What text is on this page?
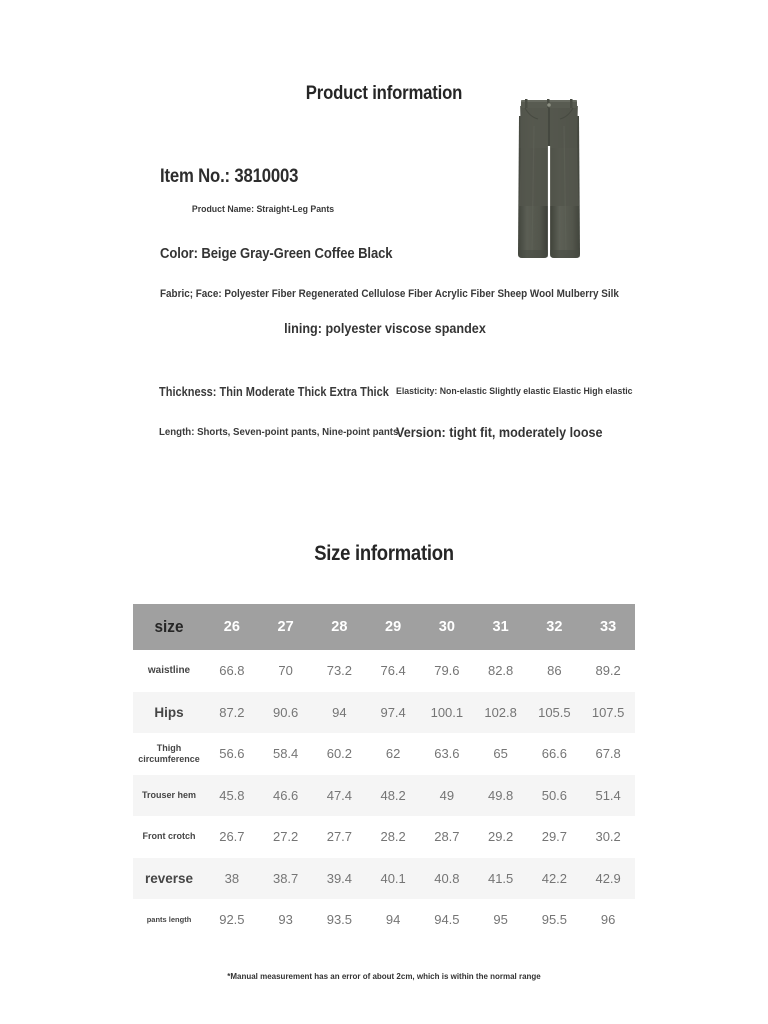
Product information
Item No.: 3810003
Product Name: Straight-Leg Pants
Color: Beige Gray-Green Coffee Black
Fabric; Face: Polyester Fiber Regenerated Cellulose Fiber Acrylic Fiber Sheep Wool Mulberry Silk
lining: polyester viscose spandex
Thickness: Thin Moderate Thick Extra Thick Elasticity: Non-elastic Slightly elastic Elastic High elastic
Length: Shorts, Seven-point pants, Nine-point pants
Version: tight fit, moderately loose
Size information
size	26	27	28	29	30	31	32	33
waistline	66.8	70	73.2	76.4	79.6	82.8	86	89.2
Hips	87.2	90.6	94	97.4	100.1	102.8	105.5	107.5
Thigh circumference	56.6	58.4	60.2	62	63.6	65	66.6	67.8
Trouser hem	45.8	46.6	47.4	48.2	49	49.8	50.6	51.4
Front crotch	26.7	27.2	27.7	28.2	28.7	29.2	29.7	30.2
reverse	38	38.7	39.4	40.1	40.8	41.5	42.2	42.9
pants length	92.5	93	93.5	94	94.5	95	95.5	96
*Manual measurement has an error of about 2cm, which is within the normal range
